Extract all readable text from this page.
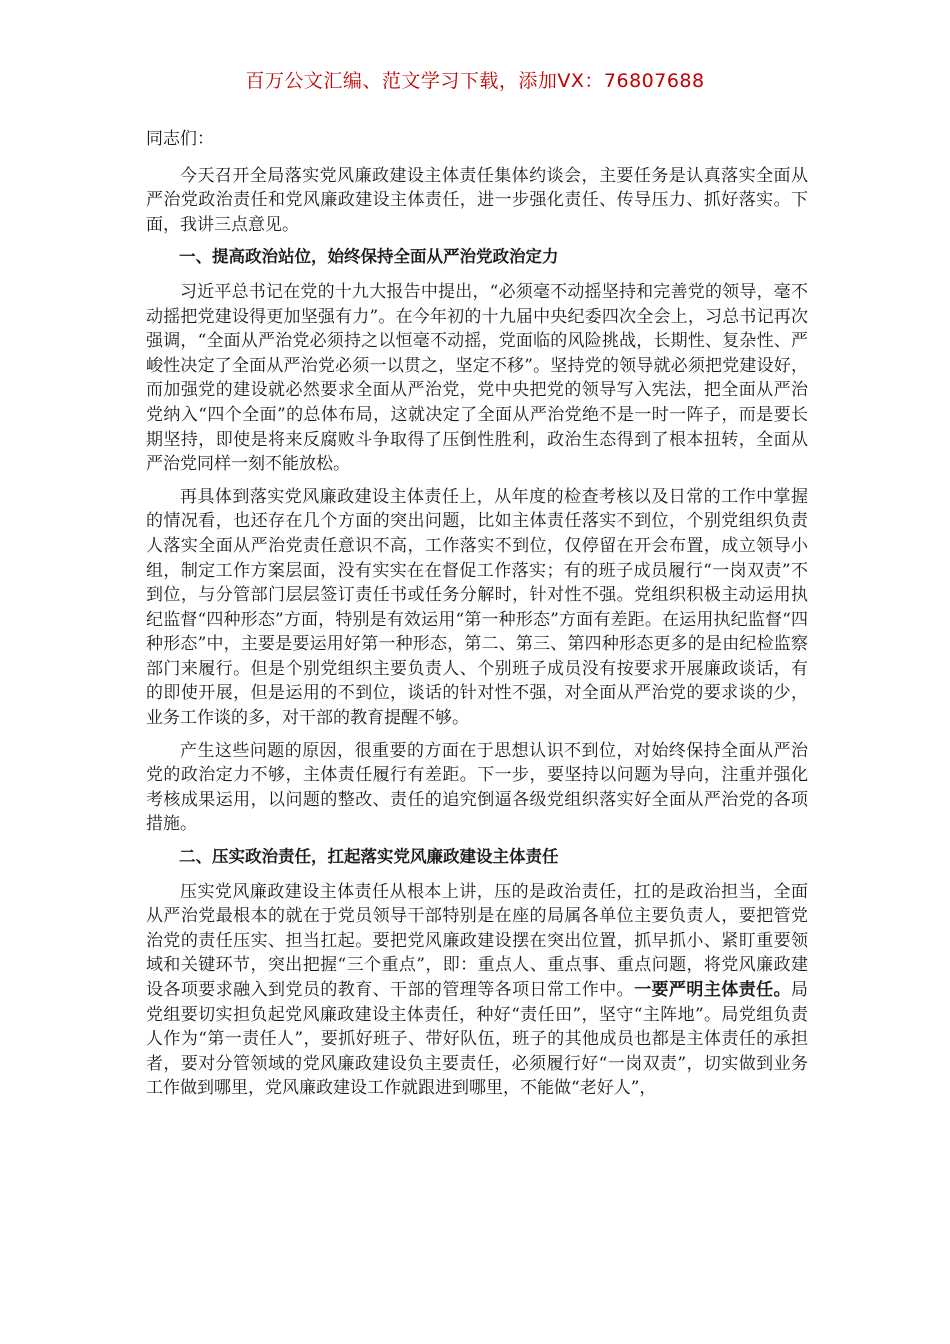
百万公文汇编、范文学习下载，添加VX：76807688

同志们：

今天召开全局落实党风廉政建设主体责任集体约谈会，主要任务是认真落实全面从严治党政治责任和党风廉政建设主体责任，进一步强化责任、传导压力、抓好落实。下面，我讲三点意见。

一、提高政治站位，始终保持全面从严治党政治定力

习近平总书记在党的十九大报告中提出，“必须毫不动摇坚持和完善党的领导，毫不动摇把党建设得更加坚强有力”。在今年初的十九届中央纪委四次全会上，习总书记再次强调，“全面从严治党必须持之以恒毫不动摇，党面临的风险挑战，长期性、复杂性、严峻性决定了全面从严治党必须一以贯之，坚定不移”。坚持党的领导就必须把党建设好，而加强党的建设就必然要求全面从严治党，党中央把党的领导写入宪法，把全面从严治党纳入“四个全面”的总体布局，这就决定了全面从严治党绝不是一时一阵子，而是要长期坚持，即使是将来反腐败斗争取得了压倒性胜利，政治生态得到了根本扭转，全面从严治党同样一刻不能放松。

再具体到落实党风廉政建设主体责任上，从年度的检查考核以及日常的工作中掌握的情况看，也还存在几个方面的突出问题，比如主体责任落实不到位，个别党组织负责人落实全面从严治党责任意识不高，工作落实不到位，仅停留在开会布置，成立领导小组，制定工作方案层面，没有实实在在督促工作落实；有的班子成员履行“一岗双责”不到位，与分管部门层层签订责任书或任务分解时，针对性不强。党组织积极主动运用执纪监督“四种形态”方面，特别是有效运用“第一种形态”方面有差距。在运用执纪监督“四种形态”中，主要是要运用好第一种形态，第二、第三、第四种形态更多的是由纪检监察部门来履行。但是个别党组织主要负责人、个别班子成员没有按要求开展廉政谈话，有的即使开展，但是运用的不到位，谈话的针对性不强，对全面从严治党的要求谈的少，业务工作谈的多，对干部的教育提醒不够。

产生这些问题的原因，很重要的方面在于思想认识不到位，对始终保持全面从严治党的政治定力不够，主体责任履行有差距。下一步，要坚持以问题为导向，注重并强化考核成果运用，以问题的整改、责任的追究倒逼各级党组织落实好全面从严治党的各项措施。

二、压实政治责任，扛起落实党风廉政建设主体责任

压实党风廉政建设主体责任从根本上讲，压的是政治责任，扛的是政治担当，全面从严治党最根本的就在于党员领导干部特别是在座的局属各单位主要负责人，要把管党治党的责任压实、担当扛起。要把党风廉政建设摆在突出位置，抓早抓小、紧盯重要领域和关键环节，突出把握“三个重点”，即：重点人、重点事、重点问题，将党风廉政建设各项要求融入到党员的教育、干部的管理等各项日常工作中。一要严明主体责任。局党组要切实担负起党风廉政建设主体责任，种好“责任田”，坚守“主阵地”。局党组负责人作为“第一责任人”，要抓好班子、带好队伍，班子的其他成员也都是主体责任的承担者，要对分管领域的党风廉政建设负主要责任，必须履行好“一岗双责”，切实做到业务工作做到哪里，党风廉政建设工作就跟进到哪里，不能做“老好人”，
